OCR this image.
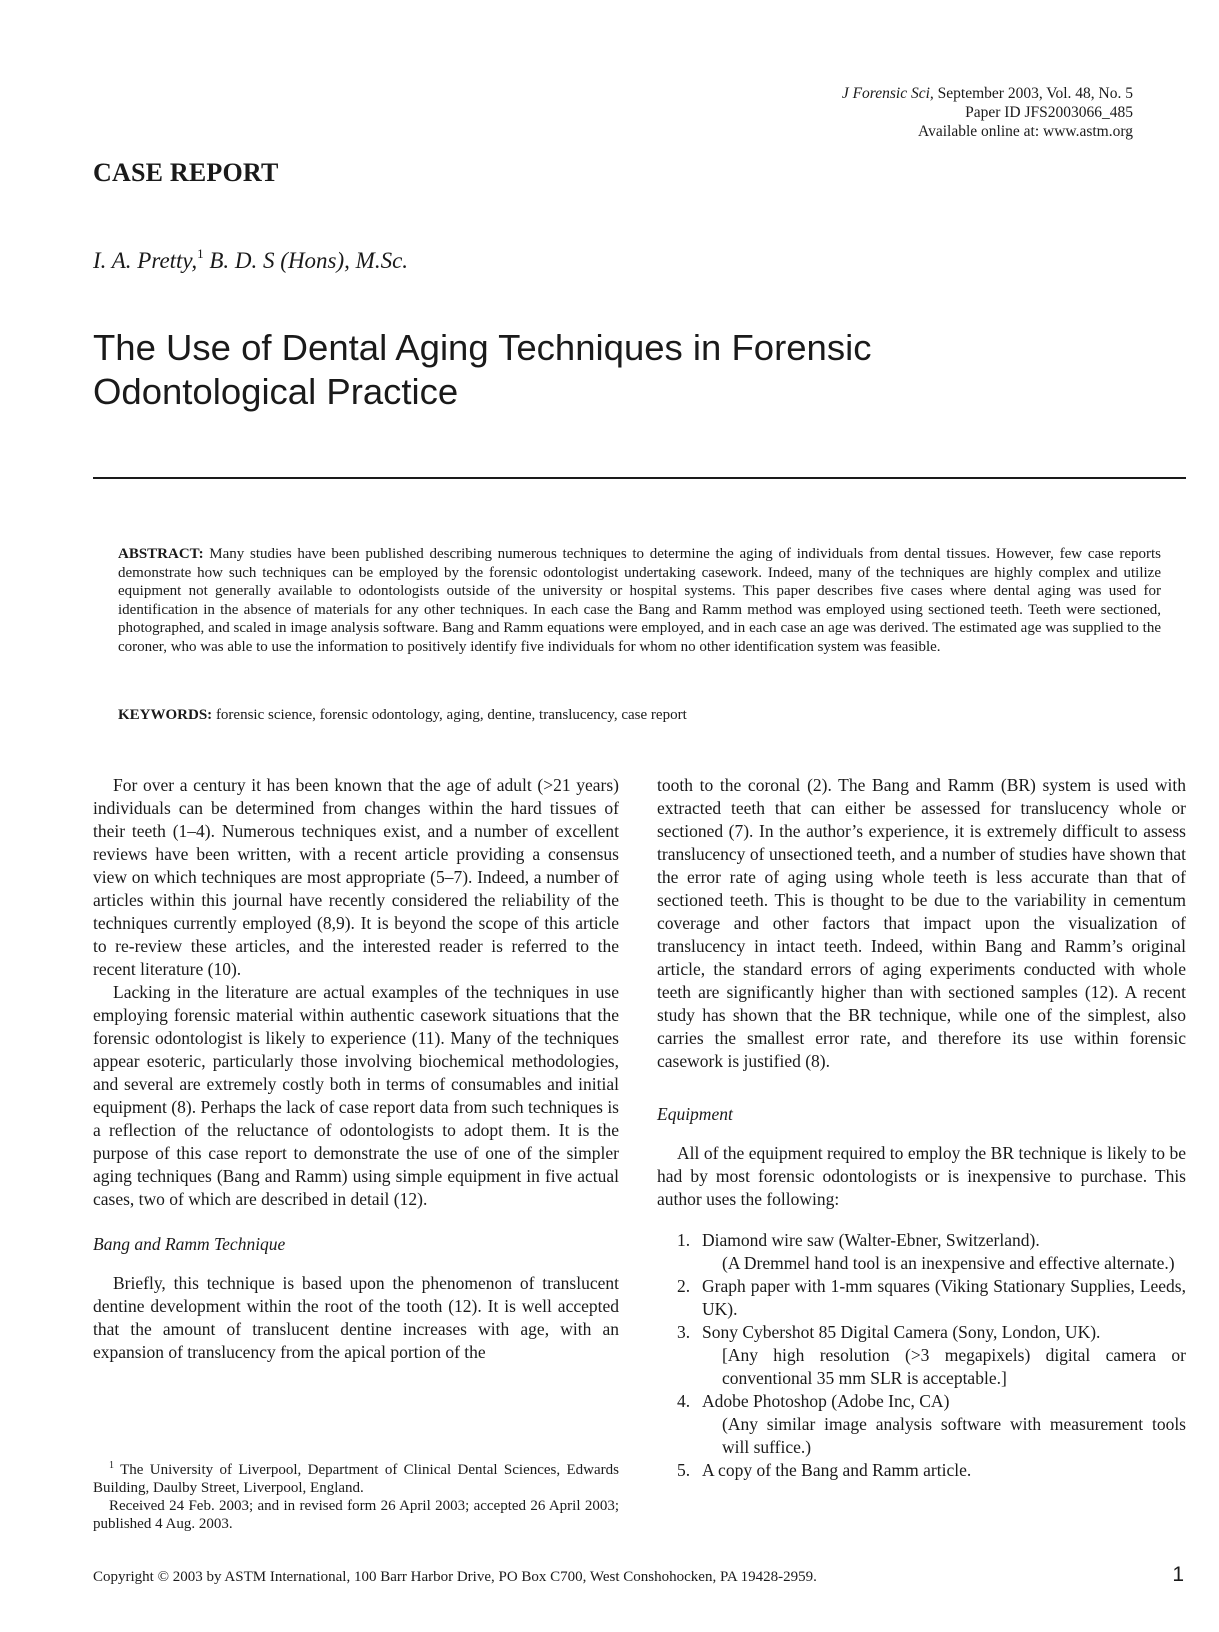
J Forensic Sci, September 2003, Vol. 48, No. 5
Paper ID JFS2003066_485
Available online at: www.astm.org
CASE REPORT
I. A. Pretty,$^1$ B. D. S (Hons), M.Sc.
The Use of Dental Aging Techniques in Forensic Odontological Practice
ABSTRACT: Many studies have been published describing numerous techniques to determine the aging of individuals from dental tissues. However, few case reports demonstrate how such techniques can be employed by the forensic odontologist undertaking casework. Indeed, many of the techniques are highly complex and utilize equipment not generally available to odontologists outside of the university or hospital systems. This paper describes five cases where dental aging was used for identification in the absence of materials for any other techniques. In each case the Bang and Ramm method was employed using sectioned teeth. Teeth were sectioned, photographed, and scaled in image analysis software. Bang and Ramm equations were employed, and in each case an age was derived. The estimated age was supplied to the coroner, who was able to use the information to positively identify five individuals for whom no other identification system was feasible.
KEYWORDS: forensic science, forensic odontology, aging, dentine, translucency, case report

For over a century it has been known that the age of adult (>21 years) individuals can be determined from changes within the hard tissues of their teeth (1–4). Numerous techniques exist, and a number of excellent reviews have been written, with a recent article providing a consensus view on which techniques are most appropriate (5–7). Indeed, a number of articles within this journal have recently considered the reliability of the techniques currently employed (8,9). It is beyond the scope of this article to re-review these articles, and the interested reader is referred to the recent literature (10).

Lacking in the literature are actual examples of the techniques in use employing forensic material within authentic casework situations that the forensic odontologist is likely to experience (11). Many of the techniques appear esoteric, particularly those involving biochemical methodologies, and several are extremely costly both in terms of consumables and initial equipment (8). Perhaps the lack of case report data from such techniques is a reflection of the reluctance of odontologists to adopt them. It is the purpose of this case report to demonstrate the use of one of the simpler aging techniques (Bang and Ramm) using simple equipment in five actual cases, two of which are described in detail (12).

Bang and Ramm Technique

Briefly, this technique is based upon the phenomenon of translucent dentine development within the root of the tooth (12). It is well accepted that the amount of translucent dentine increases with age, with an expansion of translucency from the apical portion of the

tooth to the coronal (2). The Bang and Ramm (BR) system is used with extracted teeth that can either be assessed for translucency whole or sectioned (7). In the author’s experience, it is extremely difficult to assess translucency of unsectioned teeth, and a number of studies have shown that the error rate of aging using whole teeth is less accurate than that of sectioned teeth. This is thought to be due to the variability in cementum coverage and other factors that impact upon the visualization of translucency in intact teeth. Indeed, within Bang and Ramm’s original article, the standard errors of aging experiments conducted with whole teeth are significantly higher than with sectioned samples (12). A recent study has shown that the BR technique, while one of the simplest, also carries the smallest error rate, and therefore its use within forensic casework is justified (8).

Equipment

All of the equipment required to employ the BR technique is likely to be had by most forensic odontologists or is inexpensive to purchase. This author uses the following:

1. Diamond wire saw (Walter-Ebner, Switzerland).
(A Dremmel hand tool is an inexpensive and effective alternate.)
2. Graph paper with 1-mm squares (Viking Stationary Supplies, Leeds, UK).
3. Sony Cybershot 85 Digital Camera (Sony, London, UK).
[Any high resolution (>3 megapixels) digital camera or conventional 35 mm SLR is acceptable.]
4. Adobe Photoshop (Adobe Inc, CA)
(Any similar image analysis software with measurement tools will suffice.)
5. A copy of the Bang and Ramm article.

$^1$ The University of Liverpool, Department of Clinical Dental Sciences, Edwards Building, Daulby Street, Liverpool, England.

Received 24 Feb. 2003; and in revised form 26 April 2003; accepted 26 April 2003; published 4 Aug. 2003.

Copyright © 2003 by ASTM International, 100 Barr Harbor Drive, PO Box C700, West Conshohocken, PA 19428-2959.	1
